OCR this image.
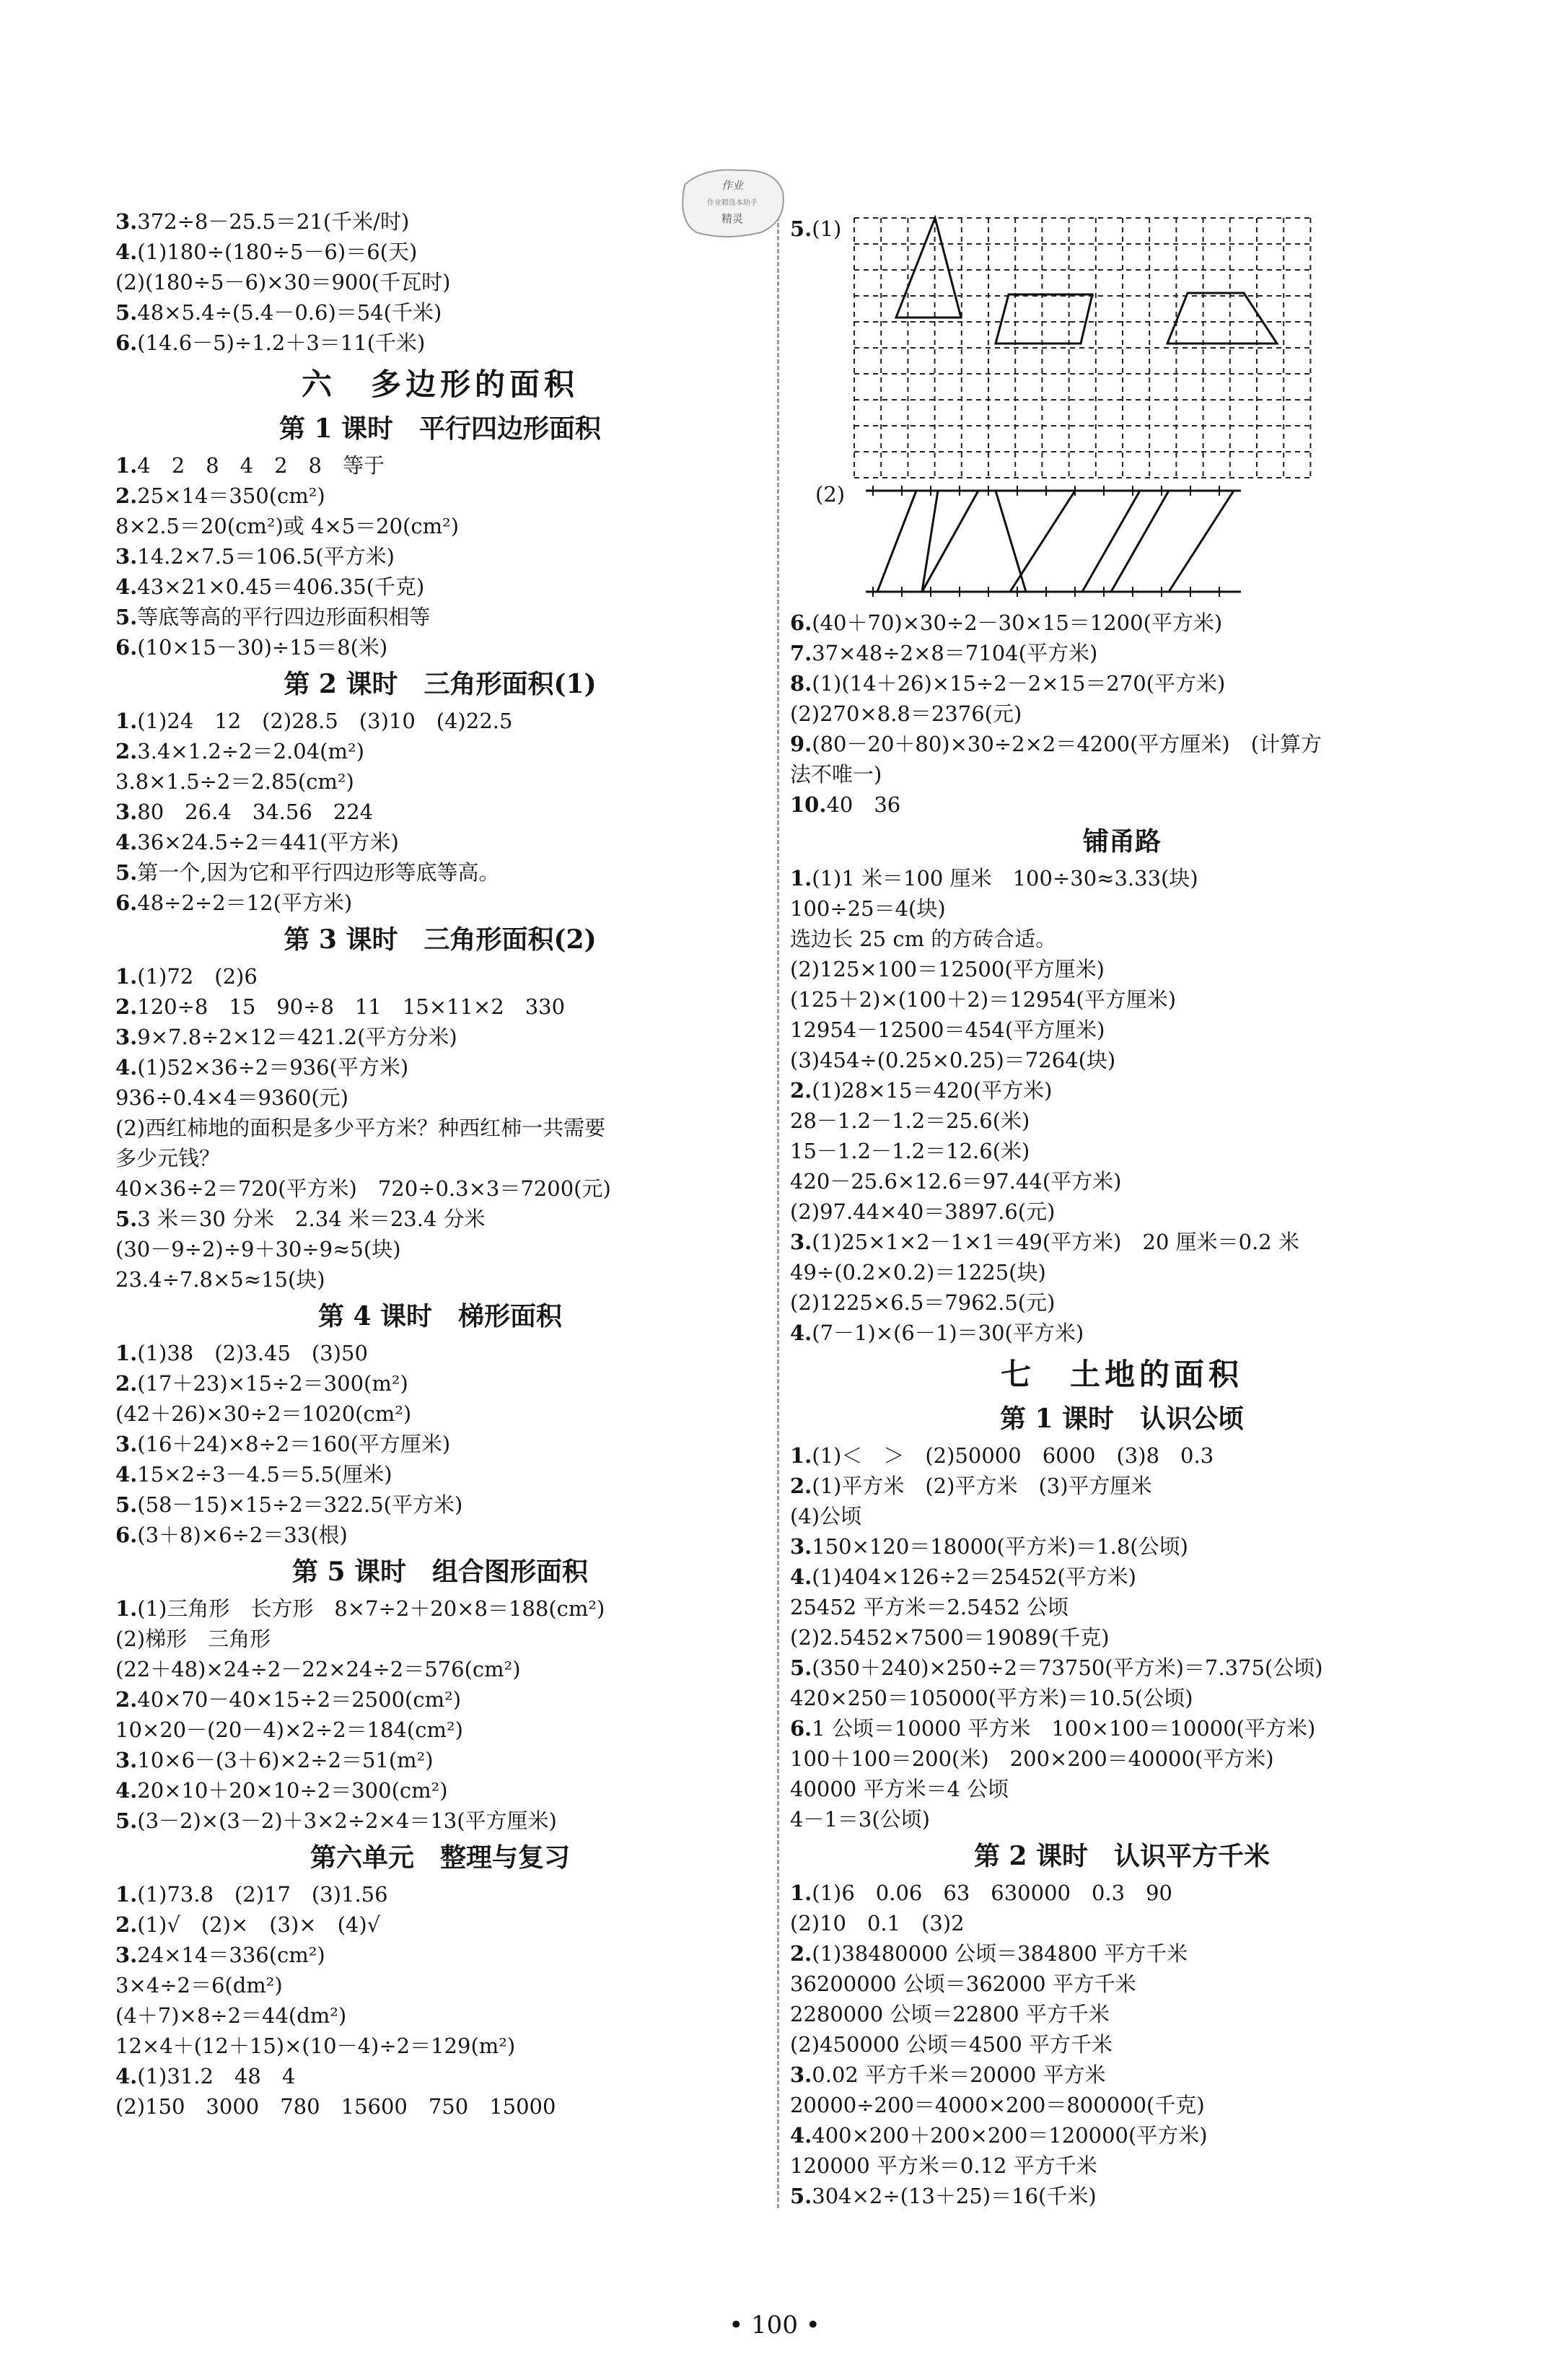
作业
作业精选本助手
精灵
3.372÷8－25.5＝21(千米/时)
4.(1)180÷(180÷5－6)＝6(天)
(2)(180÷5－6)×30＝900(千瓦时)
5.48×5.4÷(5.4－0.6)＝54(千米)
6.(14.6－5)÷1.2＋3＝11(千米)
六　多边形的面积
第 1 课时　平行四边形面积
1.4　2　8　4　2　8　等于
2.25×14＝350(cm²)
8×2.5＝20(cm²)或 4×5＝20(cm²)
3.14.2×7.5＝106.5(平方米)
4.43×21×0.45＝406.35(千克)
5.等底等高的平行四边形面积相等
6.(10×15－30)÷15＝8(米)
第 2 课时　三角形面积(1)
1.(1)24　12　(2)28.5　(3)10　(4)22.5
2.3.4×1.2÷2＝2.04(m²)
3.8×1.5÷2＝2.85(cm²)
3.80　26.4　34.56　224
4.36×24.5÷2＝441(平方米)
5.第一个,因为它和平行四边形等底等高。
6.48÷2÷2＝12(平方米)
第 3 课时　三角形面积(2)
1.(1)72　(2)6
2.120÷8　15　90÷8　11　15×11×2　330
3.9×7.8÷2×12＝421.2(平方分米)
4.(1)52×36÷2＝936(平方米)
936÷0.4×4＝9360(元)
(2)西红柿地的面积是多少平方米？种西红柿一共需要
多少元钱？
40×36÷2＝720(平方米)　720÷0.3×3＝7200(元)
5.3 米＝30 分米　2.34 米＝23.4 分米
(30－9÷2)÷9＋30÷9≈5(块)
23.4÷7.8×5≈15(块)
第 4 课时　梯形面积
1.(1)38　(2)3.45　(3)50
2.(17＋23)×15÷2＝300(m²)
(42＋26)×30÷2＝1020(cm²)
3.(16＋24)×8÷2＝160(平方厘米)
4.15×2÷3－4.5＝5.5(厘米)
5.(58－15)×15÷2＝322.5(平方米)
6.(3＋8)×6÷2＝33(根)
第 5 课时　组合图形面积
1.(1)三角形　长方形　8×7÷2＋20×8＝188(cm²)
(2)梯形　三角形
(22＋48)×24÷2－22×24÷2＝576(cm²)
2.40×70－40×15÷2＝2500(cm²)
10×20－(20－4)×2÷2＝184(cm²)
3.10×6－(3＋6)×2÷2＝51(m²)
4.20×10＋20×10÷2＝300(cm²)
5.(3－2)×(3－2)＋3×2÷2×4＝13(平方厘米)
第六单元　整理与复习
1.(1)73.8　(2)17　(3)1.56
2.(1)√　(2)×　(3)×　(4)√
3.24×14＝336(cm²)
3×4÷2＝6(dm²)
(4＋7)×8÷2＝44(dm²)
12×4＋(12＋15)×(10－4)÷2＝129(m²)
4.(1)31.2　48　4
(2)150　3000　780　15600　750　15000
5.(1)
(2)
6.(40＋70)×30÷2－30×15＝1200(平方米)
7.37×48÷2×8＝7104(平方米)
8.(1)(14＋26)×15÷2－2×15＝270(平方米)
(2)270×8.8＝2376(元)
9.(80－20＋80)×30÷2×2＝4200(平方厘米)　(计算方
法不唯一)
10.40　36
铺甬路
1.(1)1 米＝100 厘米　100÷30≈3.33(块)
100÷25＝4(块)
选边长 25 cm 的方砖合适。
(2)125×100＝12500(平方厘米)
(125＋2)×(100＋2)＝12954(平方厘米)
12954－12500＝454(平方厘米)
(3)454÷(0.25×0.25)＝7264(块)
2.(1)28×15＝420(平方米)
28－1.2－1.2＝25.6(米)
15－1.2－1.2＝12.6(米)
420－25.6×12.6＝97.44(平方米)
(2)97.44×40＝3897.6(元)
3.(1)25×1×2－1×1＝49(平方米)　20 厘米＝0.2 米
49÷(0.2×0.2)＝1225(块)
(2)1225×6.5＝7962.5(元)
4.(7－1)×(6－1)＝30(平方米)
七　土地的面积
第 1 课时　认识公顷
1.(1)＜　＞　(2)50000　6000　(3)8　0.3
2.(1)平方米　(2)平方米　(3)平方厘米
(4)公顷
3.150×120＝18000(平方米)＝1.8(公顷)
4.(1)404×126÷2＝25452(平方米)
25452 平方米＝2.5452 公顷
(2)2.5452×7500＝19089(千克)
5.(350＋240)×250÷2＝73750(平方米)＝7.375(公顷)
420×250＝105000(平方米)＝10.5(公顷)
6.1 公顷＝10000 平方米　100×100＝10000(平方米)
100＋100＝200(米)　200×200＝40000(平方米)
40000 平方米＝4 公顷
4－1＝3(公顷)
第 2 课时　认识平方千米
1.(1)6　0.06　63　630000　0.3　90
(2)10　0.1　(3)2
2.(1)38480000 公顷＝384800 平方千米
36200000 公顷＝362000 平方千米
2280000 公顷＝22800 平方千米
(2)450000 公顷＝4500 平方千米
3.0.02 平方千米＝20000 平方米
20000÷200＝4000×200＝800000(千克)
4.400×200＋200×200＝120000(平方米)
120000 平方米＝0.12 平方千米
5.304×2÷(13＋25)＝16(千米)
• 100 •
